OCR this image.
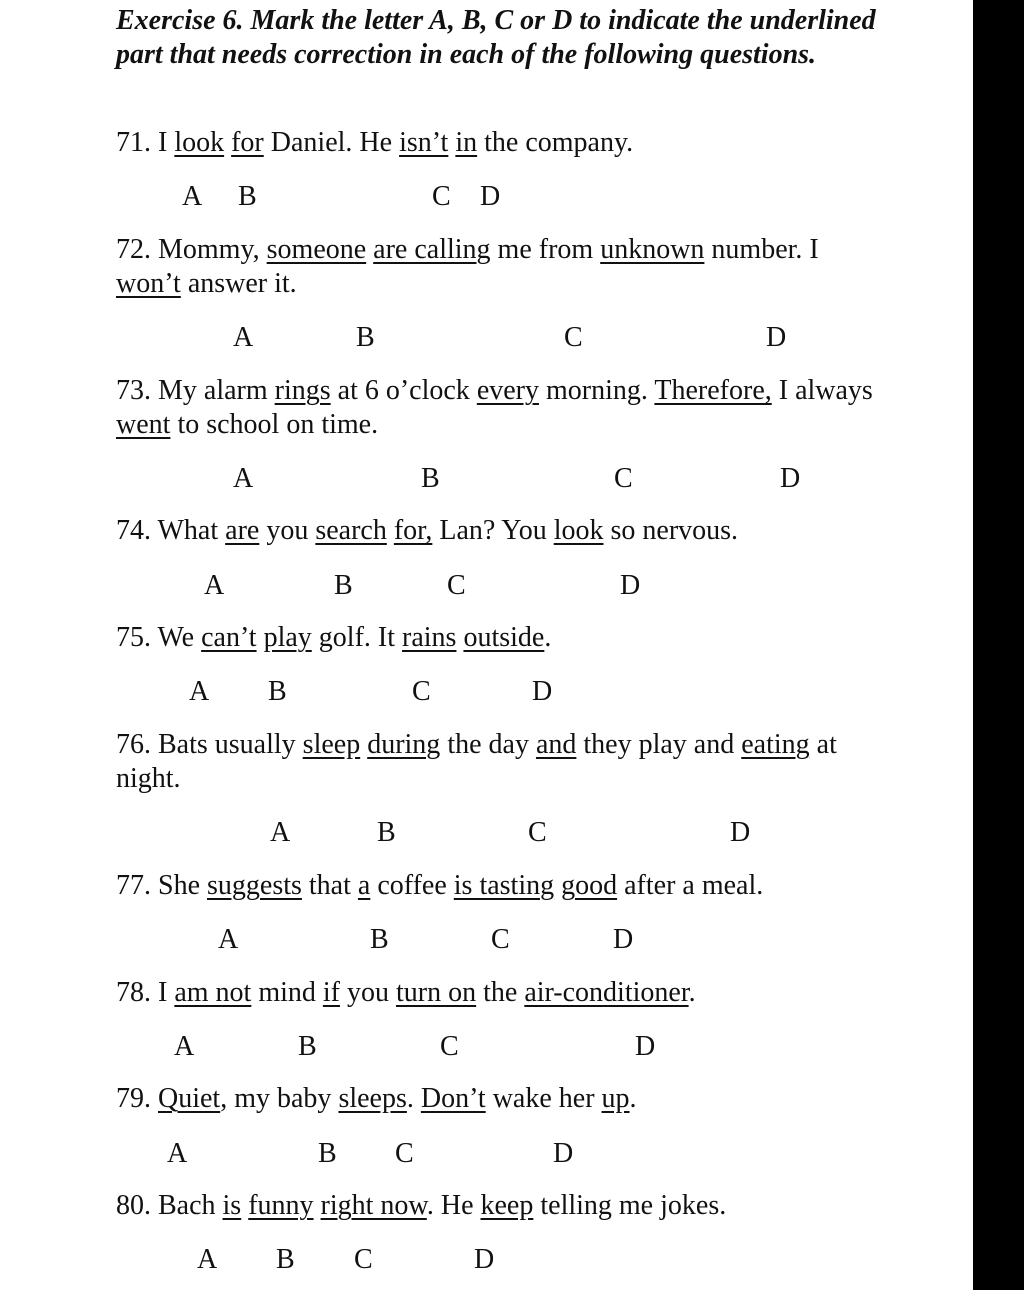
Exercise 6. Mark the letter A, B, C or D to indicate the underlined part that needs correction in each of the following questions.
71. I look for Daniel. He isn’t in the company.
A B	C D
72. Mommy, someone are calling me from unknown number. I won’t answer it.
A	B	C	D
73. My alarm rings at 6 o’clock every morning. Therefore, I always went to school on time.
A	B	C	D
74. What are you search for, Lan? You look so nervous.
A	B	C	D
75. We can’t play golf. It rains outside.
A B	C	D
76. Bats usually sleep during the day and they play and eating at night.
A	B	C	D
77. She suggests that a coffee is tasting good after a meal.
A	B	C	D
78. I am not mind if you turn on the air-conditioner.
A	B	C	D
79. Quiet, my baby sleeps. Don’t wake her up.
A	B C	D
80. Bach is funny right now. He keep telling me jokes.
A B C	D
